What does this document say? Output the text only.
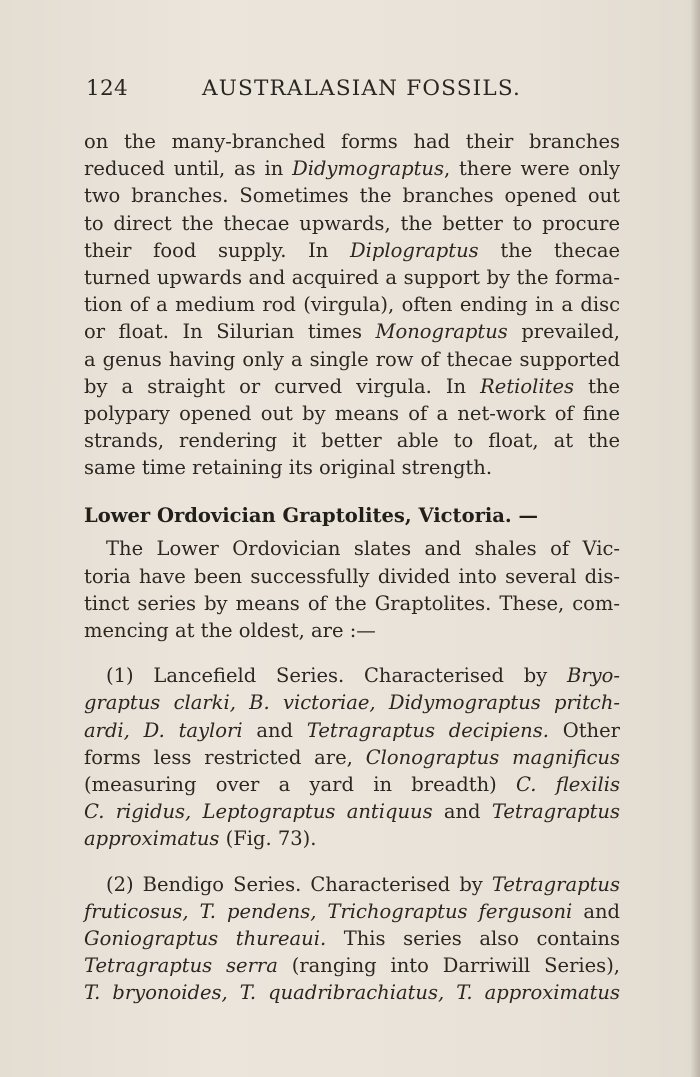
124	AUSTRALASIAN FOSSILS.
on the many-branched forms had their branches
reduced until, as in Didymograptus, there were only
two branches. Sometimes the branches opened out
to direct the thecae upwards, the better to procure
their food supply. In Diplograptus the thecae
turned upwards and acquired a support by the forma-
tion of a medium rod (virgula), often ending in a disc
or float. In Silurian times Monograptus prevailed,
a genus having only a single row of thecae supported
by a straight or curved virgula. In Retiolites the
polypary opened out by means of a net-work of fine
strands, rendering it better able to float, at the
same time retaining its original strength.
Lower Ordovician Graptolites, Victoria. —
The Lower Ordovician slates and shales of Vic-
toria have been successfully divided into several dis-
tinct series by means of the Graptolites. These, com-
mencing at the oldest, are :—
(1) Lancefield Series. Characterised by Bryo-
graptus clarki, B. victoriae, Didymograptus pritch-
ardi, D. taylori and Tetragraptus decipiens. Other
forms less restricted are, Clonograptus magnificus
(measuring over a yard in breadth) C. flexilis
C. rigidus, Leptograptus antiquus and Tetragraptus
approximatus (Fig. 73).
(2) Bendigo Series. Characterised by Tetragraptus
fruticosus, T. pendens, Trichograptus fergusoni and
Goniograptus thureaui. This series also contains
Tetragraptus serra (ranging into Darriwill Series),
T. bryonoides, T. quadribrachiatus, T. approximatus
